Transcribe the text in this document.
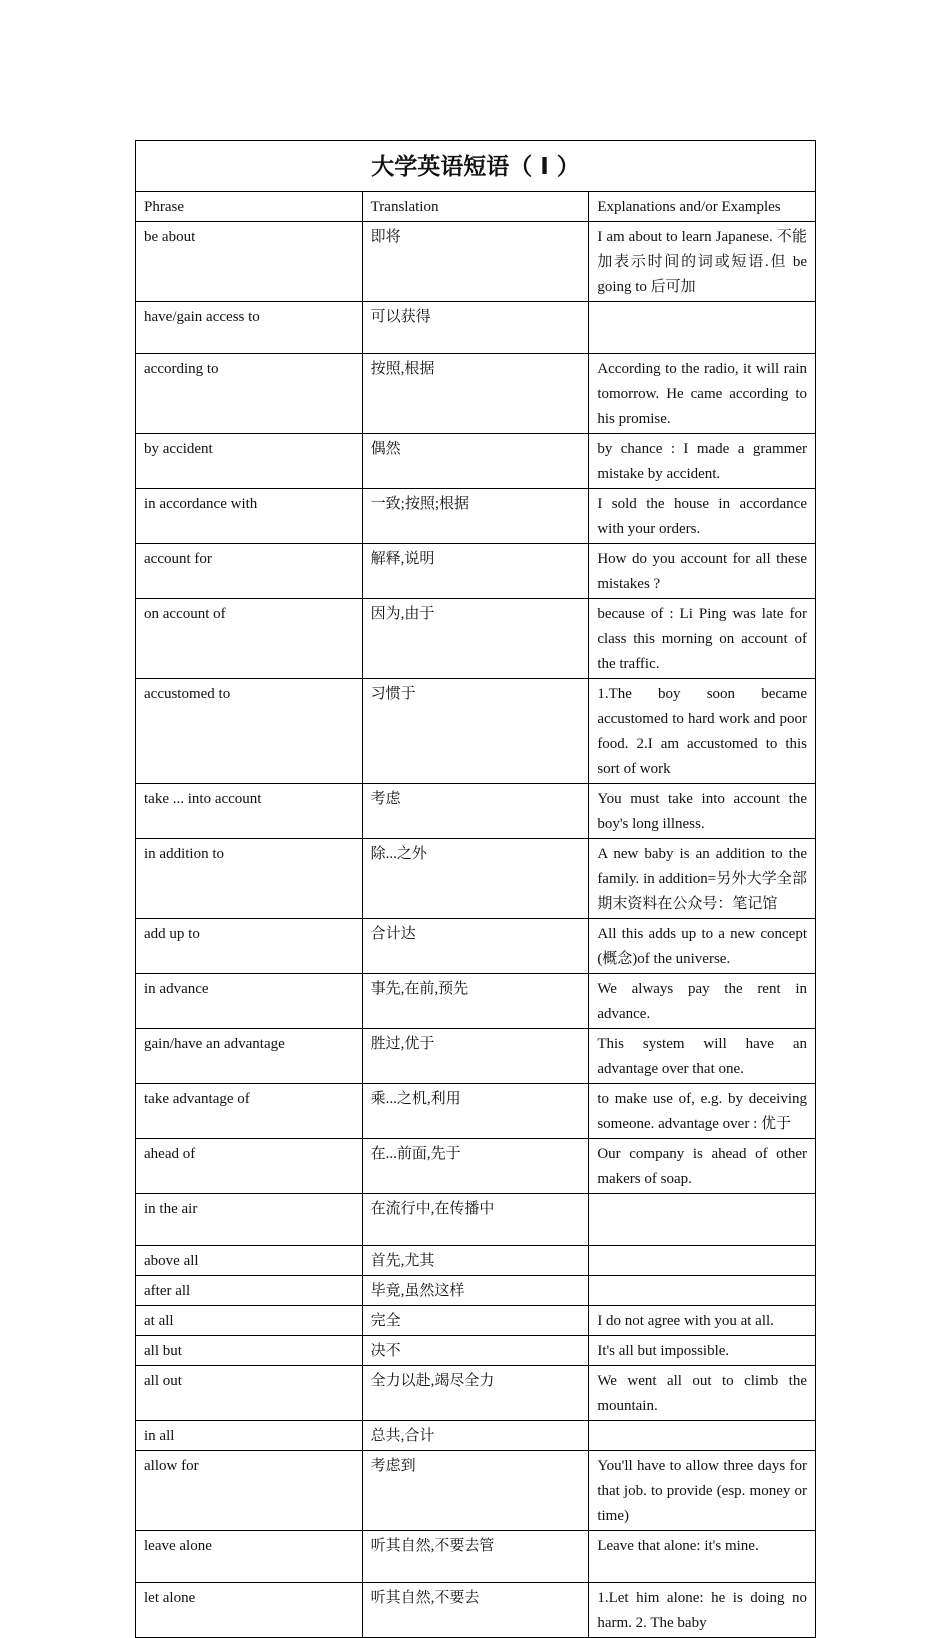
大学英语短语（ I ）		
Phrase	Translation	Explanations and/or Examples
be about	即将	I am about to learn Japanese. 不能加表示时间的词或短语.但 be going to 后可加
have/gain access to	可以获得	
according to	按照,根据	According to the radio, it will rain tomorrow. He came according to his promise.
by accident	偶然	by chance : I made a grammer mistake by accident.
in accordance with	一致;按照;根据	I sold the house in accordance with your orders.
account for	解释,说明	How do you account for all these mistakes ?
on account of	因为,由于	because of : Li Ping was late for class this morning on account of the traffic.
accustomed to	习惯于	1.The boy soon became accustomed to hard work and poor food. 2.I am accustomed to this sort of work
take ... into account	考虑	You must take into account the boy's long illness.
in addition to	除...之外	A new baby is an addition to the family. in addition=另外大学全部期末资料在公众号：笔记馆
add up to	合计达	All this adds up to a new concept (概念)of the universe.
in advance	事先,在前,预先	We always pay the rent in advance.
gain/have an advantage	胜过,优于	This system will have an advantage over that one.
take advantage of	乘...之机,利用	to make use of, e.g. by deceiving someone. advantage over : 优于
ahead of	在...前面,先于	Our company is ahead of other makers of soap.
in the air	在流行中,在传播中	
above all	首先,尤其	
after all	毕竟,虽然这样	
at all	完全	I do not agree with you at all.
all but	决不	It's all but impossible.
all out	全力以赴,竭尽全力	We went all out to climb the mountain.
in all	总共,合计	
allow for	考虑到	You'll have to allow three days for that job. to provide (esp. money or time)
leave alone	听其自然,不要去管	Leave that alone: it's mine.
let alone	听其自然,不要去	1.Let him alone: he is doing no harm. 2. The baby
